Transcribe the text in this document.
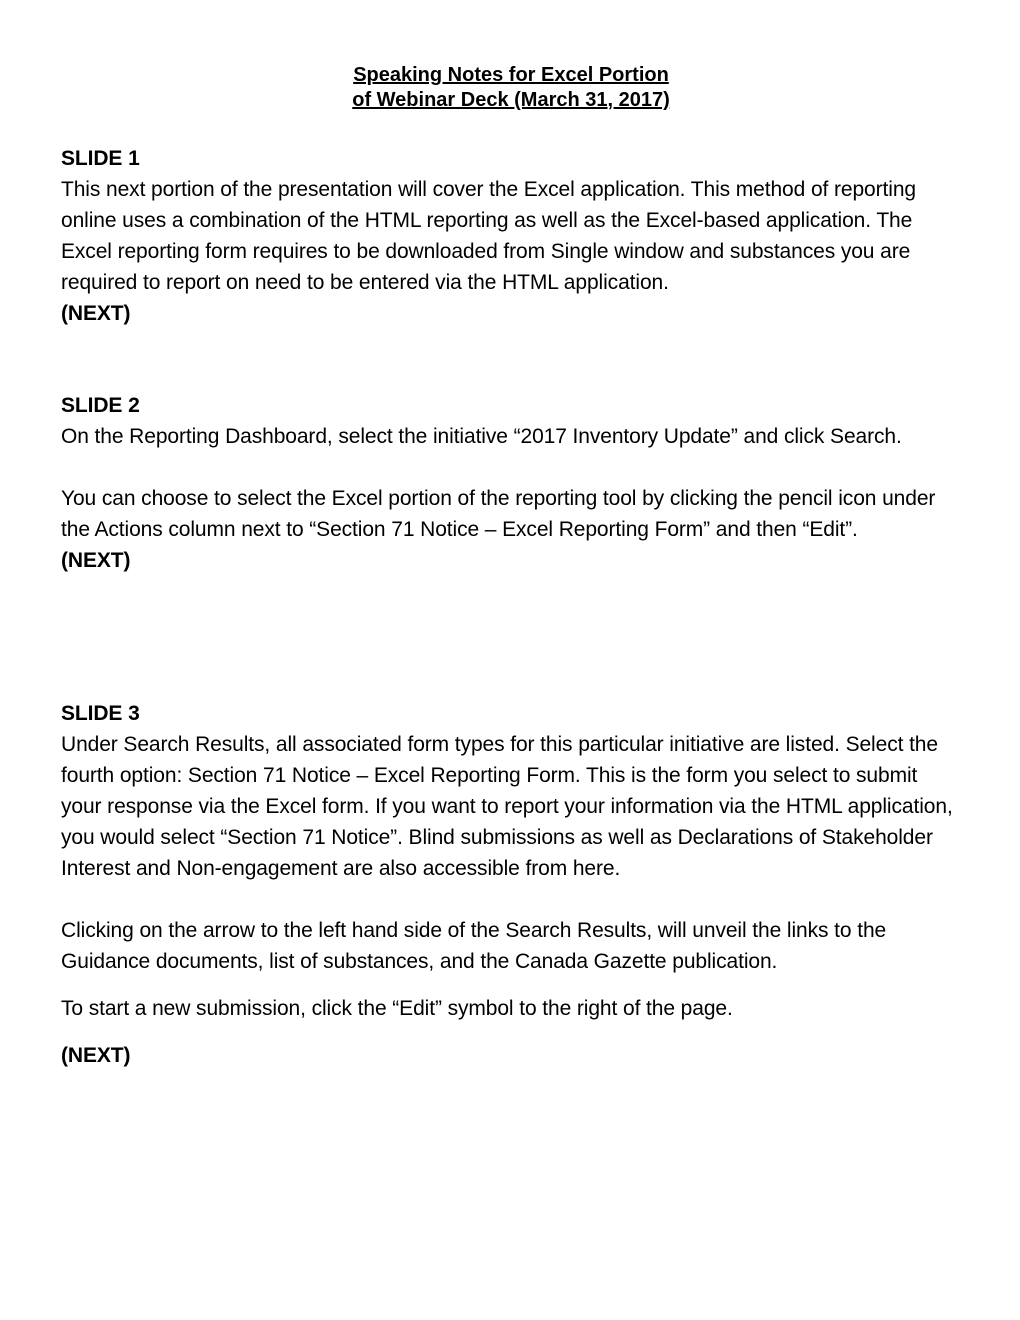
Speaking Notes for Excel Portion
of Webinar Deck (March 31, 2017)

SLIDE 1

This next portion of the presentation will cover the Excel application. This method of reporting online uses a combination of the HTML reporting as well as the Excel-based application. The Excel reporting form requires to be downloaded from Single window and substances you are required to report on need to be entered via the HTML application.

(NEXT)

SLIDE 2

On the Reporting Dashboard, select the initiative “2017 Inventory Update” and click Search.

You can choose to select the Excel portion of the reporting tool by clicking the pencil icon under the Actions column next to “Section 71 Notice – Excel Reporting Form” and then “Edit”.

(NEXT)

SLIDE 3

Under Search Results, all associated form types for this particular initiative are listed. Select the fourth option: Section 71 Notice – Excel Reporting Form. This is the form you select to submit your response via the Excel form. If you want to report your information via the HTML application, you would select “Section 71 Notice”. Blind submissions as well as Declarations of Stakeholder Interest and Non-engagement are also accessible from here.

Clicking on the arrow to the left hand side of the Search Results, will unveil the links to the Guidance documents, list of substances, and the Canada Gazette publication.

To start a new submission, click the “Edit” symbol to the right of the page.

(NEXT)
